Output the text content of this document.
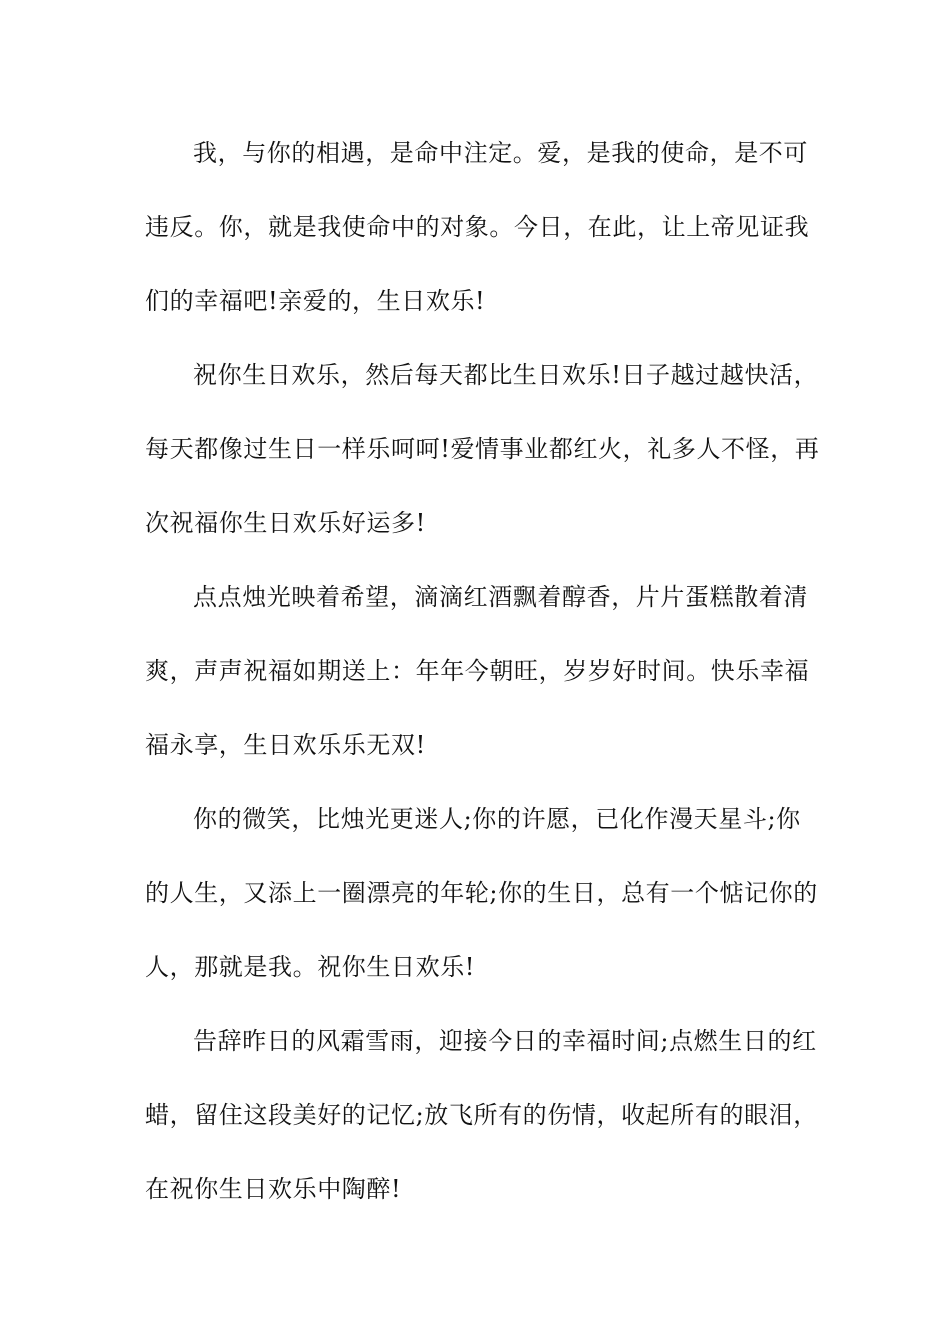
我，与你的相遇，是命中注定。爱，是我的使命，是不可
违反。你，就是我使命中的对象。今日，在此，让上帝见证我
们的幸福吧!亲爱的，生日欢乐!
祝你生日欢乐，然后每天都比生日欢乐!日子越过越快活，
每天都像过生日一样乐呵呵!爱情事业都红火，礼多人不怪，再
次祝福你生日欢乐好运多!
点点烛光映着希望，滴滴红酒飘着醇香，片片蛋糕散着清
爽，声声祝福如期送上：年年今朝旺，岁岁好时间。快乐幸福
福永享，生日欢乐乐无双!
你的微笑，比烛光更迷人;你的许愿，已化作漫天星斗;你
的人生，又添上一圈漂亮的年轮;你的生日，总有一个惦记你的
人，那就是我。祝你生日欢乐!
告辞昨日的风霜雪雨，迎接今日的幸福时间;点燃生日的红
蜡，留住这段美好的记忆;放飞所有的伤情，收起所有的眼泪，
在祝你生日欢乐中陶醉!
